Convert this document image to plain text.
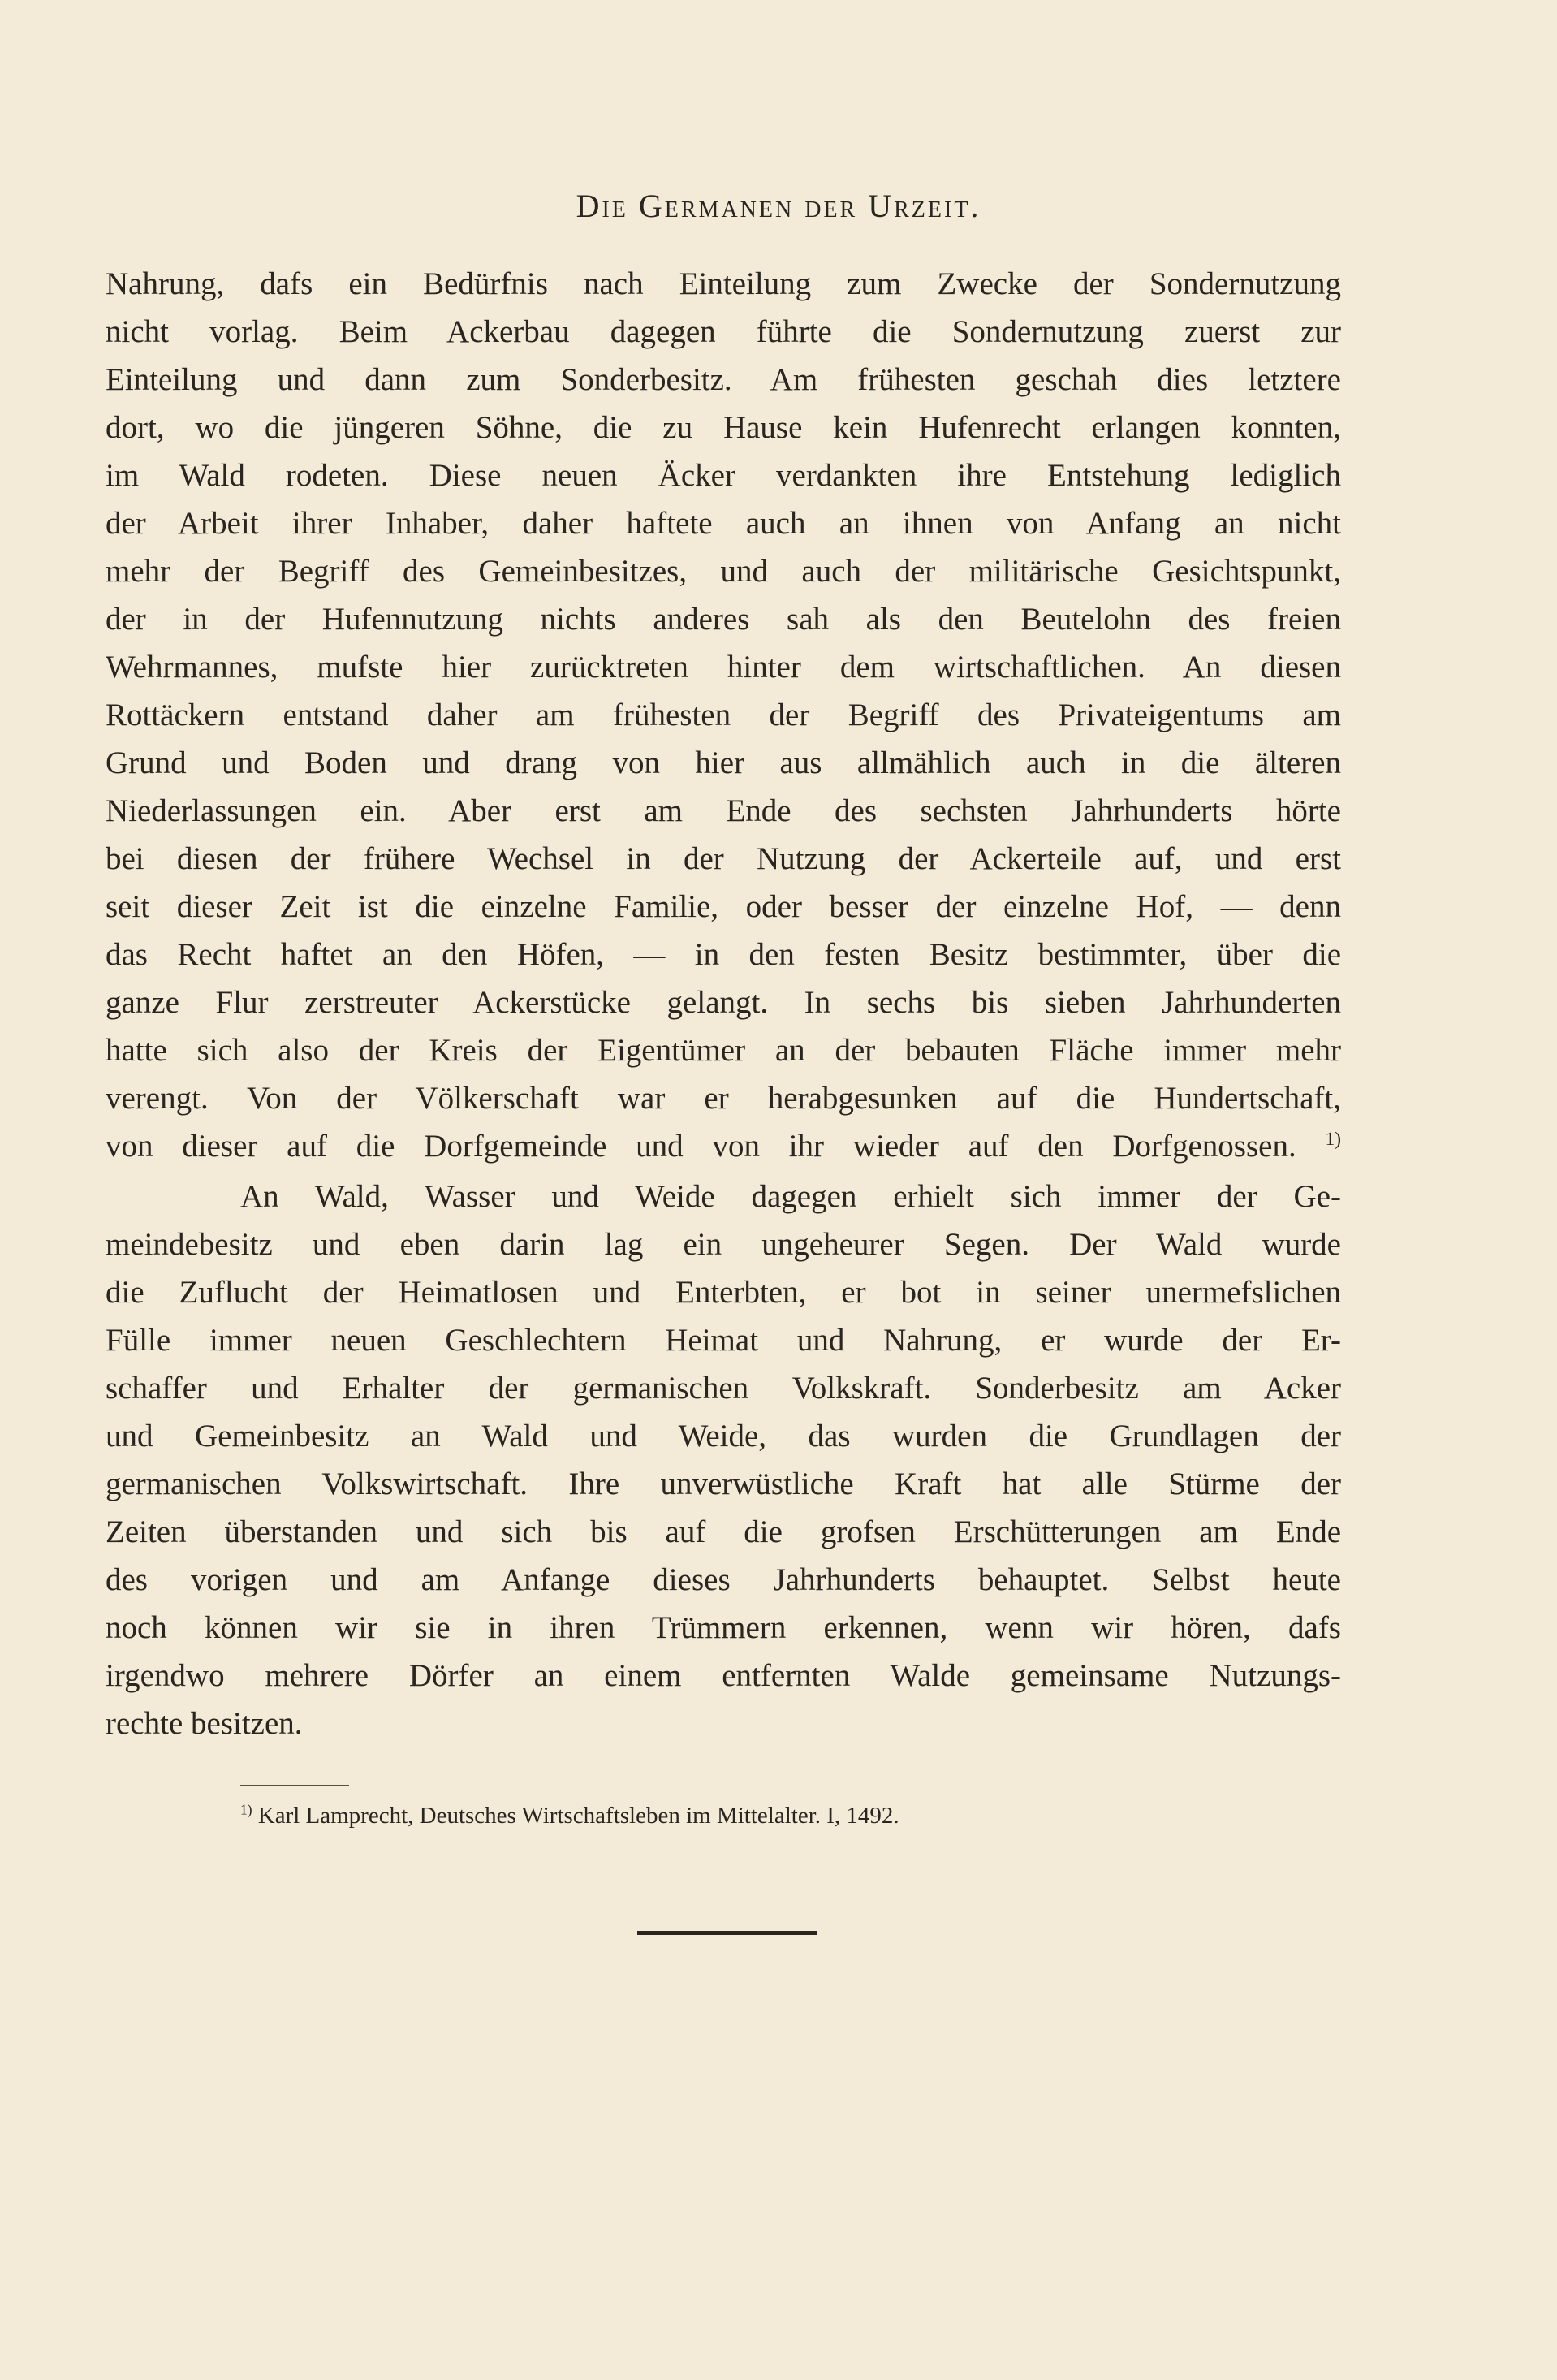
Die Germanen der Urzeit.
Nahrung, dafs ein Bedürfnis nach Einteilung zum Zwecke der Sondernutzung
nicht vorlag. Beim Ackerbau dagegen führte die Sondernutzung zuerst zur
Einteilung und dann zum Sonderbesitz. Am frühesten geschah dies letztere
dort, wo die jüngeren Söhne, die zu Hause kein Hufenrecht erlangen konnten,
im Wald rodeten. Diese neuen Äcker verdankten ihre Entstehung lediglich
der Arbeit ihrer Inhaber, daher haftete auch an ihnen von Anfang an nicht
mehr der Begriff des Gemeinbesitzes, und auch der militärische Gesichtspunkt,
der in der Hufennutzung nichts anderes sah als den Beutelohn des freien
Wehrmannes, mufste hier zurücktreten hinter dem wirtschaftlichen. An diesen
Rottäckern entstand daher am frühesten der Begriff des Privateigentums am
Grund und Boden und drang von hier aus allmählich auch in die älteren
Niederlassungen ein. Aber erst am Ende des sechsten Jahrhunderts hörte
bei diesen der frühere Wechsel in der Nutzung der Ackerteile auf, und erst
seit dieser Zeit ist die einzelne Familie, oder besser der einzelne Hof, — denn
das Recht haftet an den Höfen, — in den festen Besitz bestimmter, über die
ganze Flur zerstreuter Ackerstücke gelangt. In sechs bis sieben Jahrhunderten
hatte sich also der Kreis der Eigentümer an der bebauten Fläche immer mehr
verengt. Von der Völkerschaft war er herabgesunken auf die Hundertschaft,
von dieser auf die Dorfgemeinde und von ihr wieder auf den Dorfgenossen. $^{1)}$
An Wald, Wasser und Weide dagegen erhielt sich immer der Ge-
meindebesitz und eben darin lag ein ungeheurer Segen. Der Wald wurde
die Zuflucht der Heimatlosen und Enterbten, er bot in seiner unermefslichen
Fülle immer neuen Geschlechtern Heimat und Nahrung, er wurde der Er-
schaffer und Erhalter der germanischen Volkskraft. Sonderbesitz am Acker
und Gemeinbesitz an Wald und Weide, das wurden die Grundlagen der
germanischen Volkswirtschaft. Ihre unverwüstliche Kraft hat alle Stürme der
Zeiten überstanden und sich bis auf die grofsen Erschütterungen am Ende
des vorigen und am Anfange dieses Jahrhunderts behauptet. Selbst heute
noch können wir sie in ihren Trümmern erkennen, wenn wir hören, dafs
irgendwo mehrere Dörfer an einem entfernten Walde gemeinsame Nutzungs-
rechte besitzen.
$^{1)}$ Karl Lamprecht, Deutsches Wirtschaftsleben im Mittelalter. I, 1492.
